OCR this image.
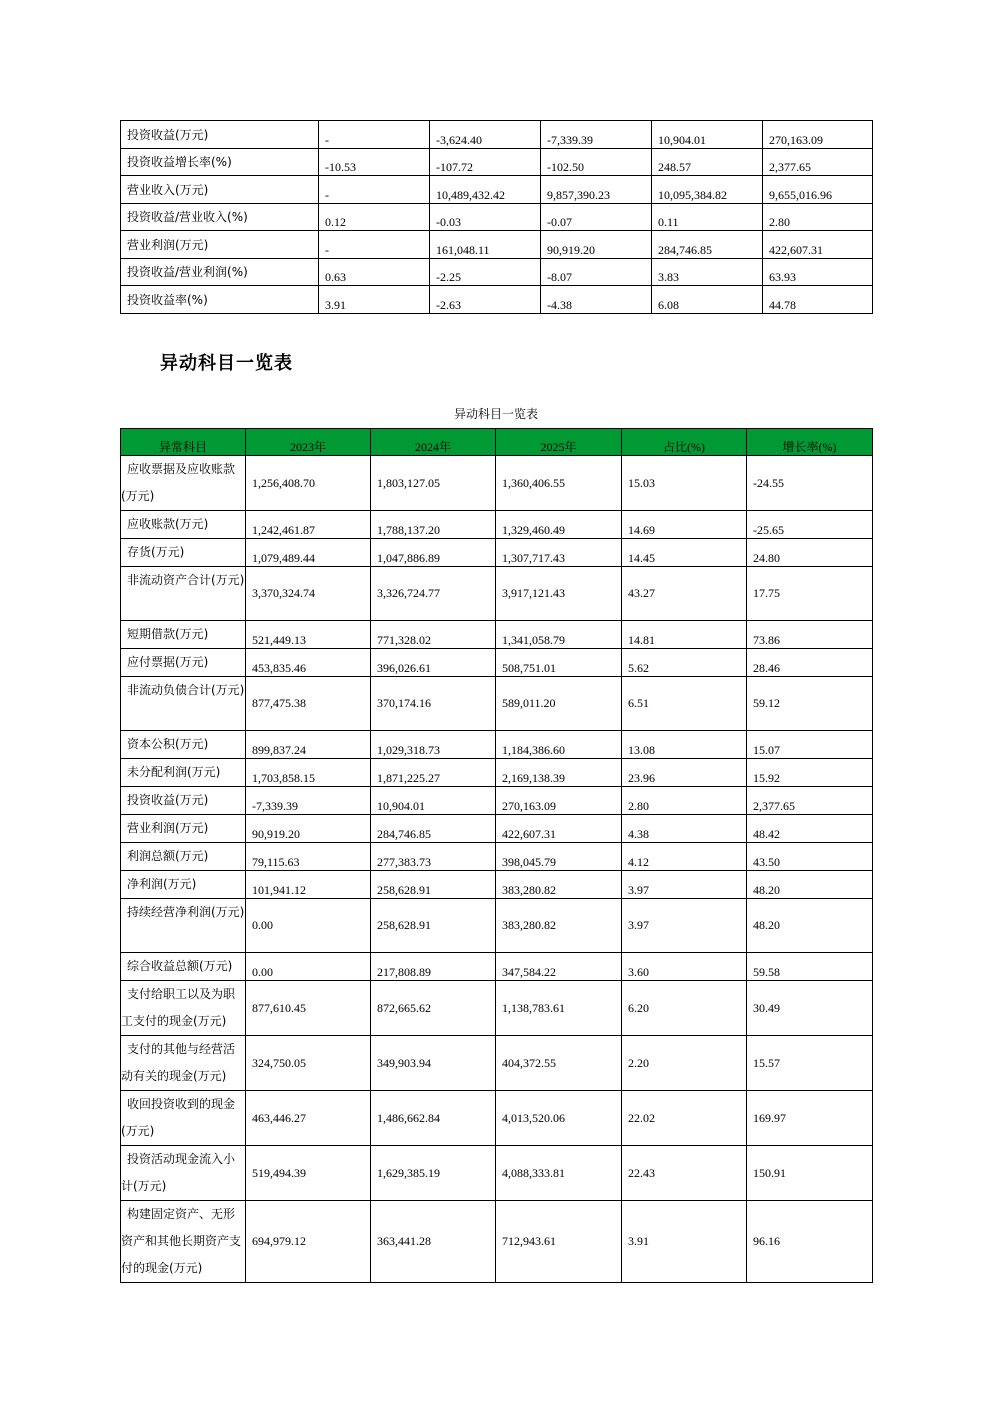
投资收益(万元)	-	-3,624.40	-7,339.39	10,904.01	270,163.09
投资收益增长率(%)	-10.53	-107.72	-102.50	248.57	2,377.65
营业收入(万元)	-	10,489,432.42	9,857,390.23	10,095,384.82	9,655,016.96
投资收益/营业收入(%)	0.12	-0.03	-0.07	0.11	2.80
营业利润(万元)	-	161,048.11	90,919.20	284,746.85	422,607.31
投资收益/营业利润(%)	0.63	-2.25	-8.07	3.83	63.93
投资收益率(%)	3.91	-2.63	-4.38	6.08	44.78
异动科目一览表
异动科目一览表
异常科目	2023年	2024年	2025年	占比(%)	增长率(%)
应收票据及应收账款(万元)	1,256,408.70	1,803,127.05	1,360,406.55	15.03	-24.55
应收账款(万元)	1,242,461.87	1,788,137.20	1,329,460.49	14.69	-25.65
存货(万元)	1,079,489.44	1,047,886.89	1,307,717.43	14.45	24.80
非流动资产合计(万元)	3,370,324.74	3,326,724.77	3,917,121.43	43.27	17.75
短期借款(万元)	521,449.13	771,328.02	1,341,058.79	14.81	73.86
应付票据(万元)	453,835.46	396,026.61	508,751.01	5.62	28.46
非流动负债合计(万元)	877,475.38	370,174.16	589,011.20	6.51	59.12
资本公积(万元)	899,837.24	1,029,318.73	1,184,386.60	13.08	15.07
未分配利润(万元)	1,703,858.15	1,871,225.27	2,169,138.39	23.96	15.92
投资收益(万元)	-7,339.39	10,904.01	270,163.09	2.80	2,377.65
营业利润(万元)	90,919.20	284,746.85	422,607.31	4.38	48.42
利润总额(万元)	79,115.63	277,383.73	398,045.79	4.12	43.50
净利润(万元)	101,941.12	258,628.91	383,280.82	3.97	48.20
持续经营净利润(万元)	0.00	258,628.91	383,280.82	3.97	48.20
综合收益总额(万元)	0.00	217,808.89	347,584.22	3.60	59.58
支付给职工以及为职工支付的现金(万元)	877,610.45	872,665.62	1,138,783.61	6.20	30.49
支付的其他与经营活动有关的现金(万元)	324,750.05	349,903.94	404,372.55	2.20	15.57
收回投资收到的现金(万元)	463,446.27	1,486,662.84	4,013,520.06	22.02	169.97
投资活动现金流入小计(万元)	519,494.39	1,629,385.19	4,088,333.81	22.43	150.91
构建固定资产、无形资产和其他长期资产支付的现金(万元)	694,979.12	363,441.28	712,943.61	3.91	96.16
